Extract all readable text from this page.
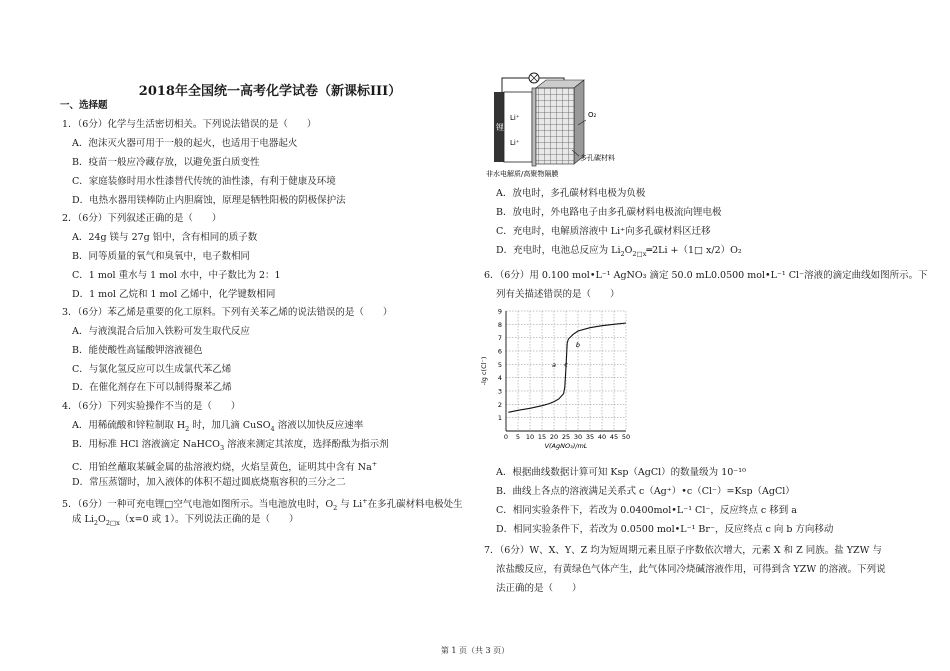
2018年全国统一高考化学试卷（新课标III）
一、选择题
1．（6分）化学与生活密切相关。下列说法错误的是（　　）
A．泡沫灭火器可用于一般的起火，也适用于电器起火
B．疫苗一般应冷藏存放，以避免蛋白质变性
C．家庭装修时用水性漆替代传统的油性漆，有利于健康及环境
D．电热水器用镁棒防止内胆腐蚀，原理是牺牲阳极的阴极保护法
2．（6分）下列叙述正确的是（　　）
A．24g 镁与 27g 铝中，含有相同的质子数
B．同等质量的氧气和臭氧中，电子数相同
C．1 mol 重水与 1 mol 水中，中子数比为 2：1
D．1 mol 乙烷和 1 mol 乙烯中，化学键数相同
3．（6分）苯乙烯是重要的化工原料。下列有关苯乙烯的说法错误的是（　　）
A．与液溴混合后加入铁粉可发生取代反应
B．能使酸性高锰酸钾溶液褪色
C．与氯化氢反应可以生成氯代苯乙烯
D．在催化剂存在下可以制得聚苯乙烯
4．（6分）下列实验操作不当的是（　　）
A．用稀硫酸和锌粒制取 $H_2$ 时，加几滴 CuSO$_4$ 溶液以加快反应速率
B．用标准 HCl 溶液滴定 NaHCO$_3$ 溶液来测定其浓度，选择酚酞为指示剂
C．用铂丝蘸取某碱金属的盐溶液灼烧，火焰呈黄色，证明其中含有 Na+
D．常压蒸馏时，加入液体的体积不超过圆底烧瓶容积的三分之二
5．（6分）一种可充电锂□空气电池如图所示。当电池放电时，$O_2$ 与 Li+在多孔碳材料电极处生
成 $Li_2O_{2□x}(x=0$ 或 1）。下列说法正确的是（　　）
锂
Li⁺
Li⁺
O₂
多孔碳材料
非水电解质/高聚物隔膜
A．放电时，多孔碳材料电极为负极
B．放电时，外电路电子由多孔碳材料电极流向锂电极
C．充电时，电解质溶液中 Li⁺向多孔碳材料区迁移
D．充电时，电池总反应为 $Li_2O_{2□x}═2Li$ +（1□ x/2）O₂
6．（6分）用 0.100 mol•L⁻¹ AgNO₃ 滴定 50.0 mL0.0500 mol•L⁻¹ Cl⁻溶液的滴定曲线如图所示。下
列有关描述错误的是（　　）
0 5 10 15 20 25 30 35 40 45 50
1
2
3
4
5
6
7
8
9
V(AgNO₃)/mL
-lg c(Cl⁻)	a
b
c
A．根据曲线数据计算可知 Ksp（AgCl）的数量级为 10⁻¹⁰
B．曲线上各点的溶液满足关系式 c（Ag⁺）•c（Cl⁻）=Ksp（AgCl）
C．相同实验条件下，若改为 0.0400mol•L⁻¹ Cl⁻，反应终点 c 移到 a
D．相同实验条件下，若改为 0.0500 mol•L⁻¹ Br⁻，反应终点 c 向 b 方向移动
7．（6分）W、X、Y、Z 均为短周期元素且原子序数依次增大，元素 X 和 Z 同族。盐 YZW 与
浓盐酸反应，有黄绿色气体产生，此气体同冷烧碱溶液作用，可得到含 YZW 的溶液。下列说
法正确的是（　　）
第 1 页（共 3 页）
